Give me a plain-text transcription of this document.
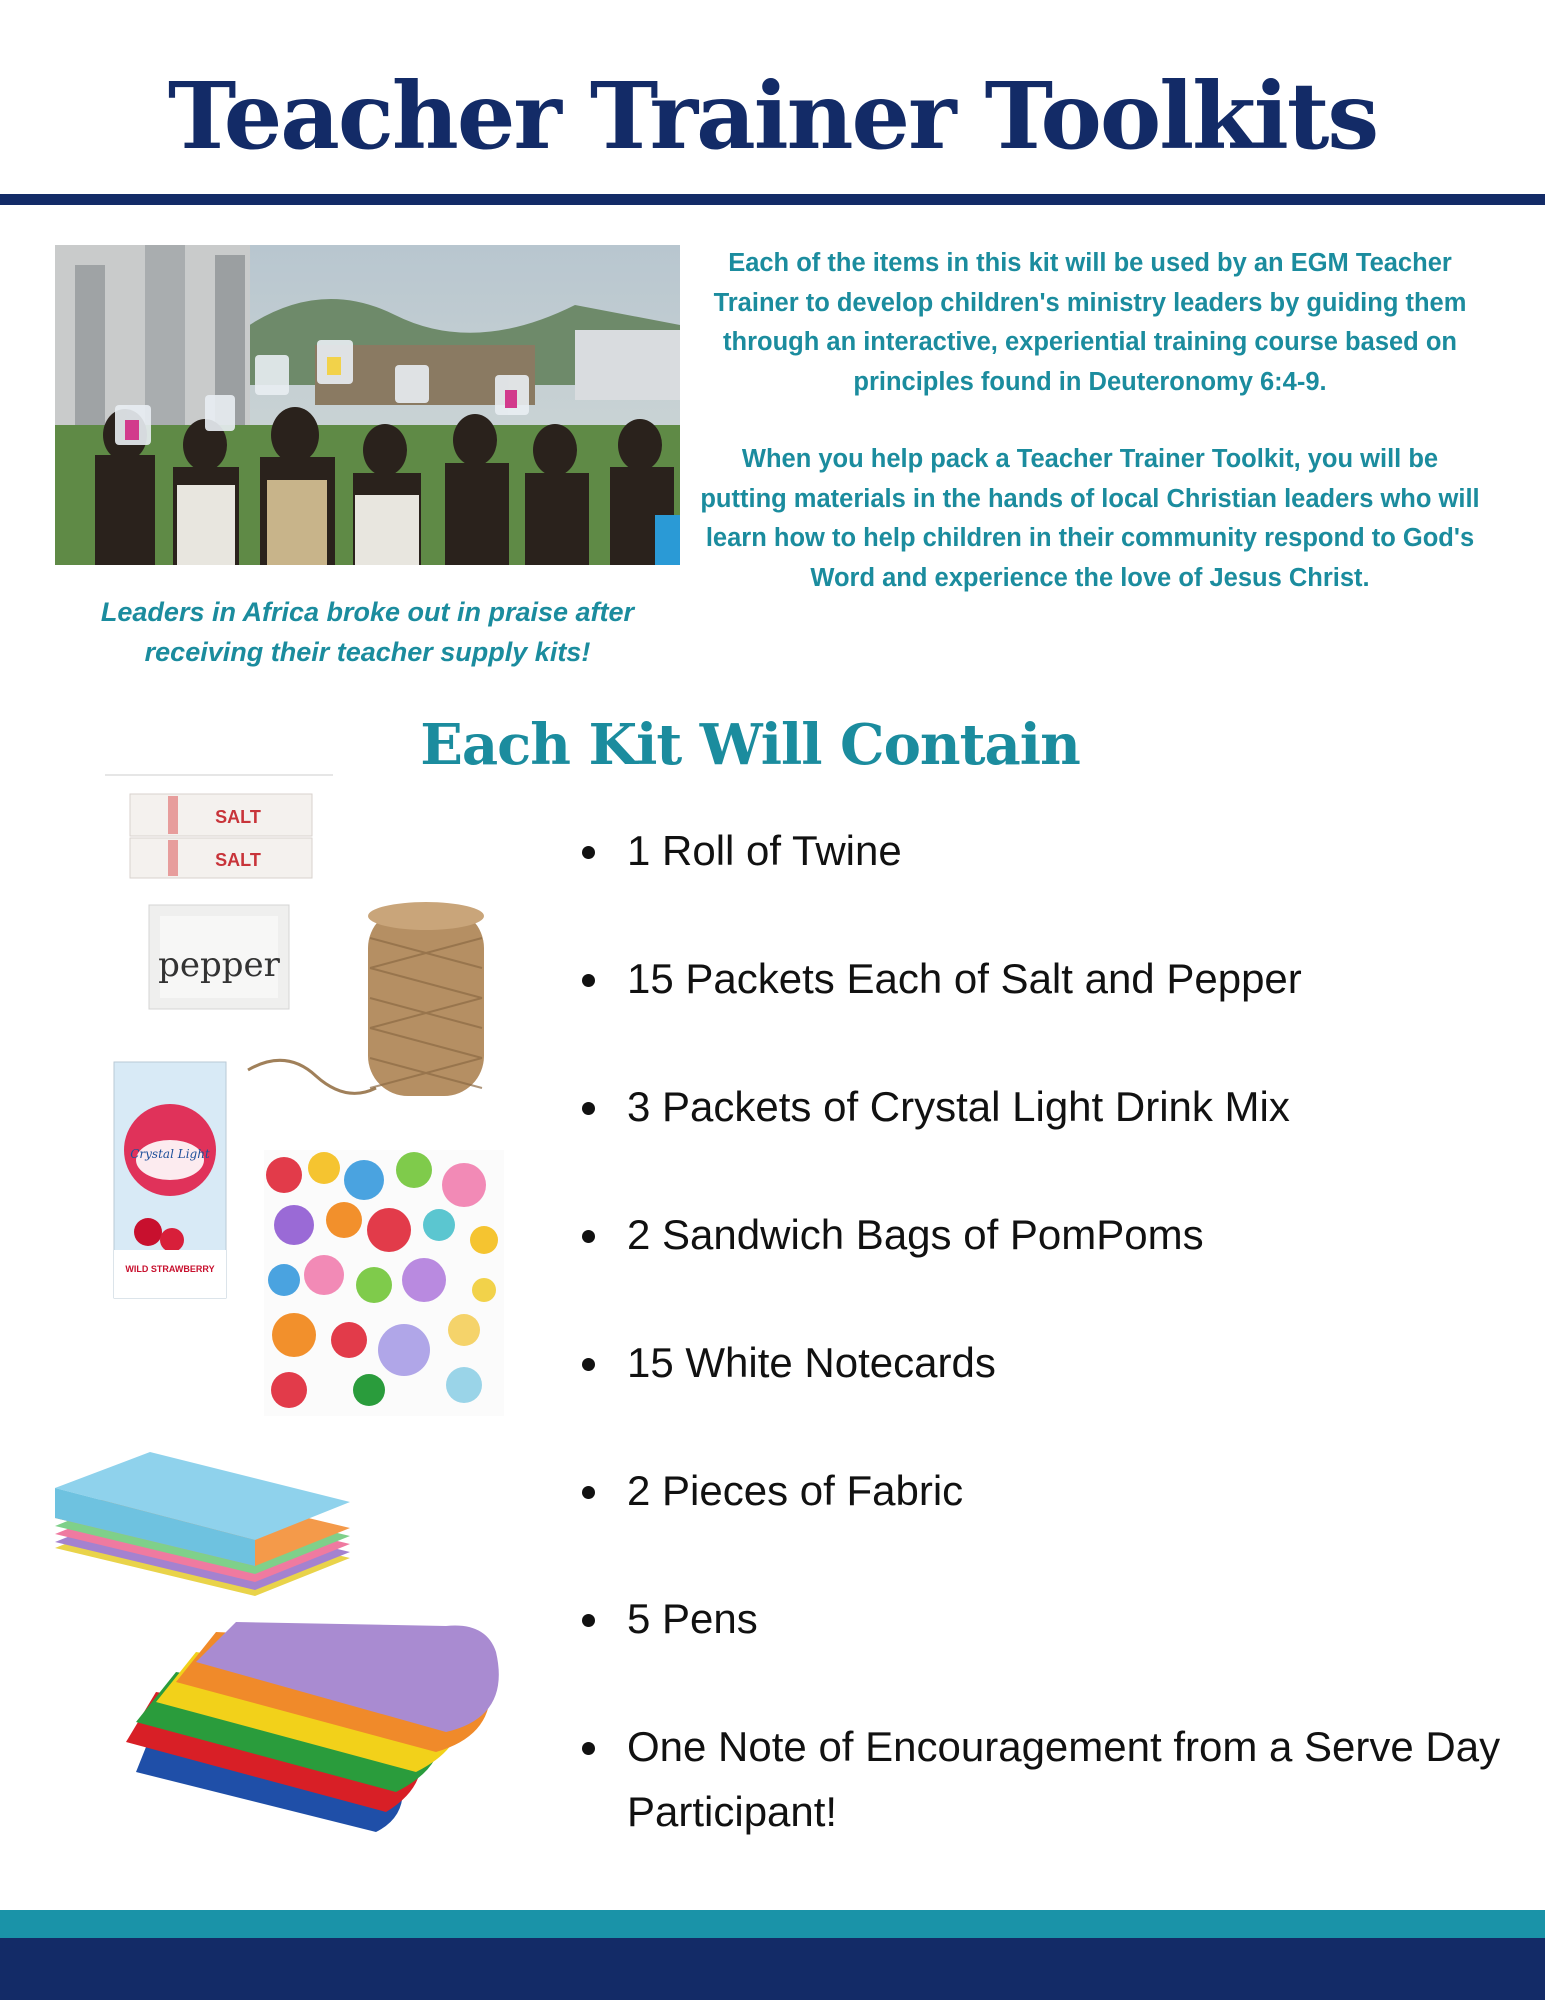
Teacher Trainer Toolkits
Leaders in Africa broke out in praise after receiving their teacher supply kits!

Each of the items in this kit will be used by an EGM Teacher Trainer to develop children's ministry leaders by guiding them through an interactive, experiential training course based on principles found in Deuteronomy 6:4-9.

When you help pack a Teacher Trainer Toolkit, you will be putting materials in the hands of local Christian leaders who will learn how to help children in their community respond to God's Word and experience the love of Jesus Christ.

Each Kit Will Contain
SALT
SALT
pepper
Crystal Light
WILD STRAWBERRY
1 Roll of Twine
15 Packets Each of Salt and Pepper
3 Packets of Crystal Light Drink Mix
2 Sandwich Bags of PomPoms
15 White Notecards
2 Pieces of Fabric
5 Pens
One Note of Encouragement from a Serve Day Participant!
